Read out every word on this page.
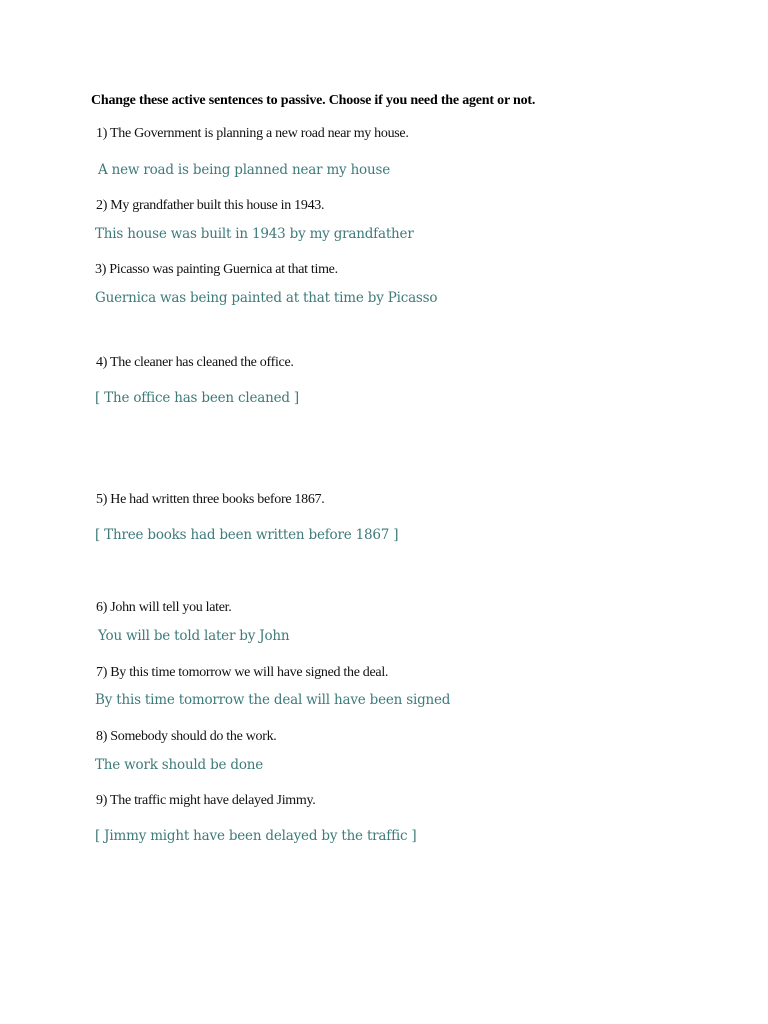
Change these active sentences to passive. Choose if you need the agent or not.
1) The Government is planning a new road near my house.
A new road is being planned near my house
2) My grandfather built this house in 1943.
This house was built in 1943 by my grandfather
3) Picasso was painting Guernica at that time.
Guernica was being painted at that time by Picasso
4) The cleaner has cleaned the office.
[ The office has been cleaned ]
5) He had written three books before 1867.
[ Three books had been written before 1867 ]
6) John will tell you later.
You will be told later by John
7) By this time tomorrow we will have signed the deal.
By this time tomorrow the deal will have been signed
8) Somebody should do the work.
The work should be done
9) The traffic might have delayed Jimmy.
[ Jimmy might have been delayed by the traffic ]
